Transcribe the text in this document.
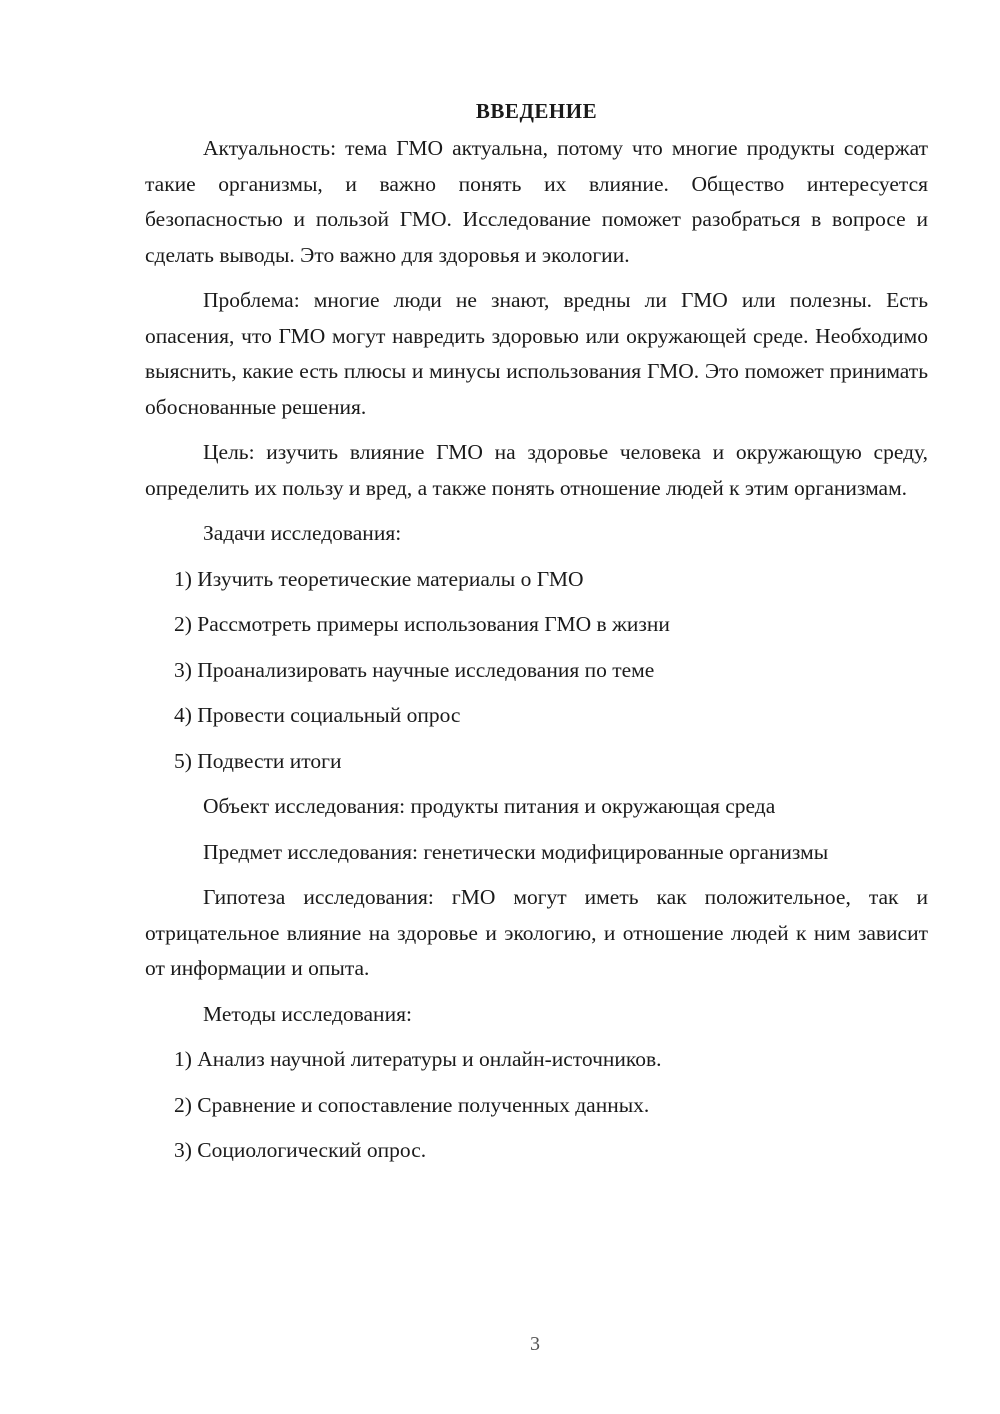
ВВЕДЕНИЕ

Актуальность: тема ГМО актуальна, потому что многие продукты содержат такие организмы, и важно понять их влияние. Общество интересуется безопасностью и пользой ГМО. Исследование поможет разобраться в вопросе и сделать выводы. Это важно для здоровья и экологии.

Проблема: многие люди не знают, вредны ли ГМО или полезны. Есть опасения, что ГМО могут навредить здоровью или окружающей среде. Необходимо выяснить, какие есть плюсы и минусы использования ГМО. Это поможет принимать обоснованные решения.

Цель: изучить влияние ГМО на здоровье человека и окружающую среду, определить их пользу и вред, а также понять отношение людей к этим организмам.

Задачи исследования:
1) Изучить теоретические материалы о ГМО
2) Рассмотреть примеры использования ГМО в жизни
3) Проанализировать научные исследования по теме
4) Провести социальный опрос
5) Подвести итоги
Объект исследования: продукты питания и окружающая среда
Предмет исследования: генетически модифицированные организмы

Гипотеза исследования: гМО могут иметь как положительное, так и отрицательное влияние на здоровье и экологию, и отношение людей к ним зависит от информации и опыта.

Методы исследования:
1) Анализ научной литературы и онлайн-источников.
2) Сравнение и сопоставление полученных данных.
3) Социологический опрос.
3
